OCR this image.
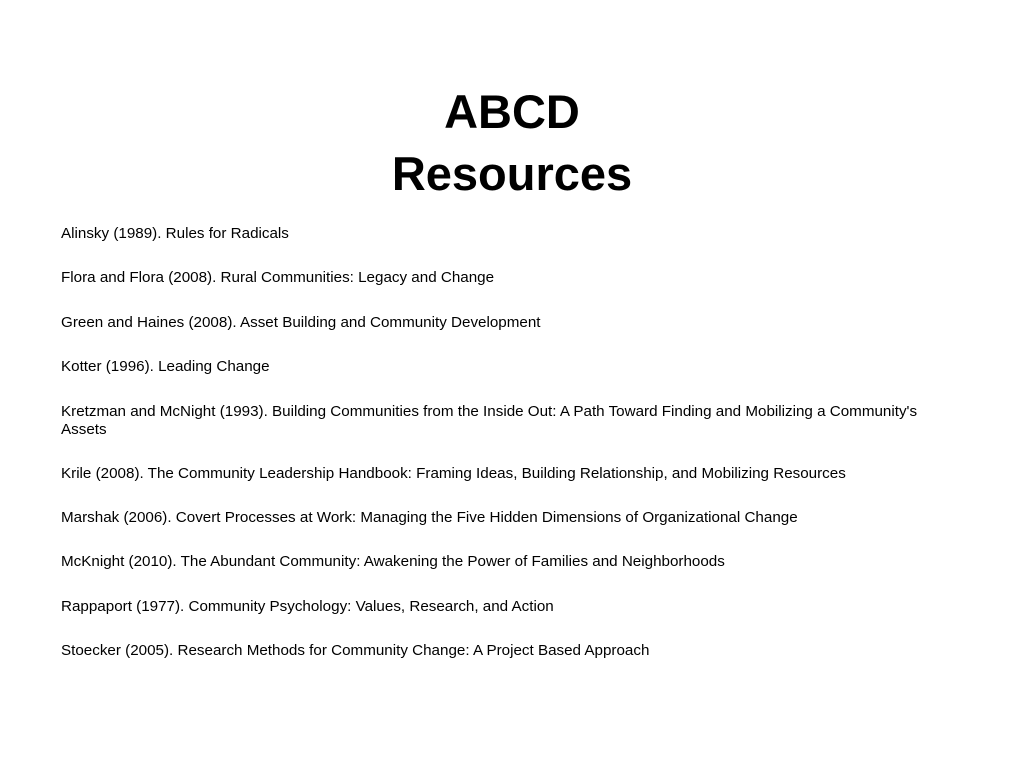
ABCD
Resources
Alinsky (1989). Rules for Radicals
Flora and Flora (2008). Rural Communities: Legacy and Change
Green and Haines (2008). Asset Building and Community Development
Kotter (1996). Leading Change
Kretzman and McNight (1993). Building Communities from the Inside Out: A Path Toward Finding and Mobilizing a Community's Assets
Krile (2008). The Community Leadership Handbook: Framing Ideas, Building Relationship, and Mobilizing Resources
Marshak (2006). Covert Processes at Work: Managing the Five Hidden Dimensions of Organizational Change
McKnight (2010). The Abundant Community: Awakening the Power of Families and Neighborhoods
Rappaport (1977). Community Psychology: Values, Research, and Action
Stoecker (2005). Research Methods for Community Change: A Project Based Approach
